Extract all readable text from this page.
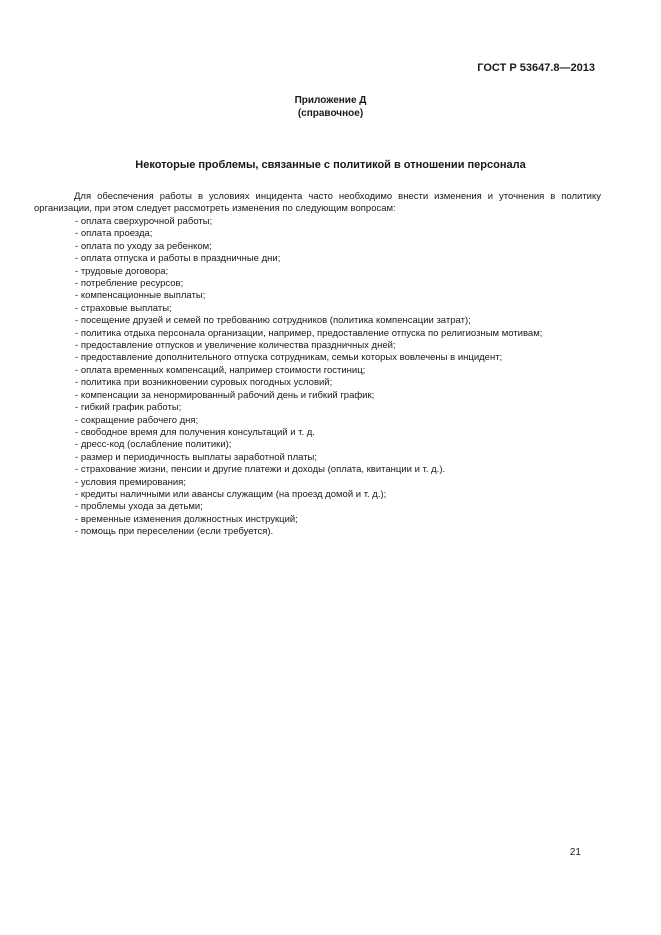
ГОСТ Р 53647.8—2013
Приложение Д
(справочное)
Некоторые проблемы, связанные с политикой в отношении персонала

Для обеспечения работы в условиях инцидента часто необходимо внести изменения и уточнения в политику организации, при этом следует рассмотреть изменения по следующим вопросам:

- оплата сверхурочной работы;
- оплата проезда;
- оплата по уходу за ребенком;
- оплата отпуска и работы в праздничные дни;
- трудовые договора;
- потребление ресурсов;
- компенсационные выплаты;
- страховые выплаты;
- посещение друзей и семей по требованию сотрудников (политика компенсации затрат);
- политика отдыха персонала организации, например, предоставление отпуска по религиозным мотивам;
- предоставление отпусков и увеличение количества праздничных дней;
- предоставление дополнительного отпуска сотрудникам, семьи которых вовлечены в инцидент;
- оплата временных компенсаций, например стоимости гостиниц;
- политика при возникновении суровых погодных условий;
- компенсации за ненормированный рабочий день и гибкий график;
- гибкий график работы;
- сокращение рабочего дня;
- свободное время для получения консультаций и т. д.
- дресс-код (ослабление политики);
- размер и периодичность выплаты заработной платы;
- страхование жизни, пенсии и другие платежи и доходы (оплата, квитанции и т. д.).
- условия премирования;
- кредиты наличными или авансы служащим (на проезд домой и т. д.);
- проблемы ухода за детьми;
- временные изменения должностных инструкций;
- помощь при переселении (если требуется).
21
